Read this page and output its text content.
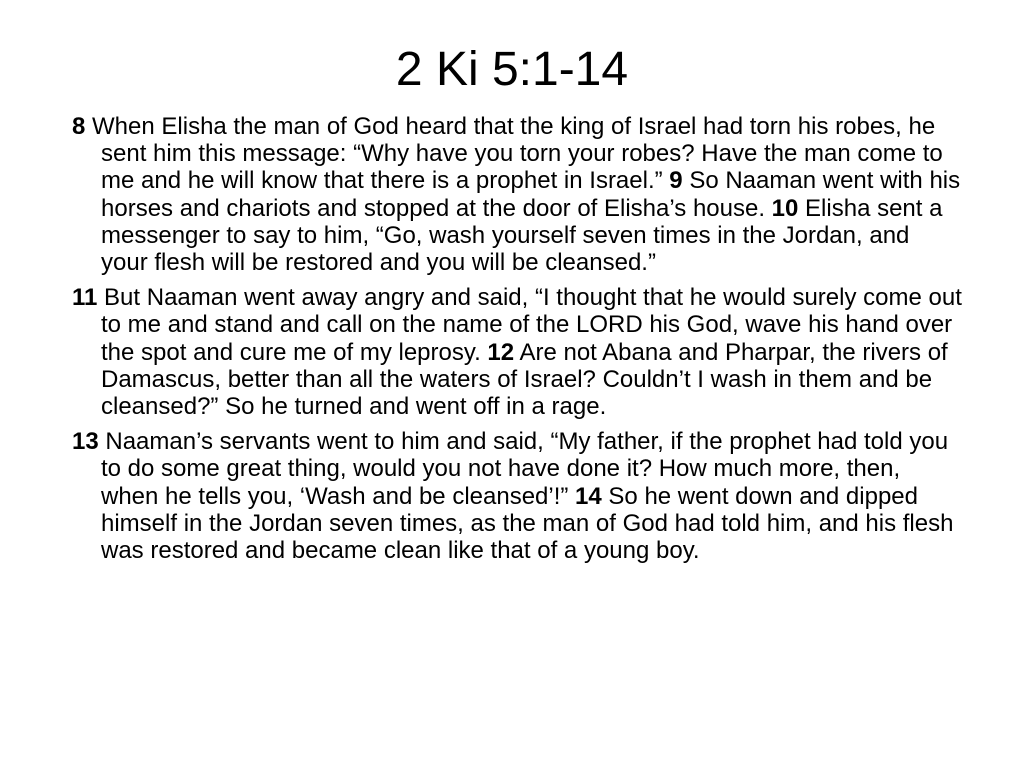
2 Ki 5:1-14

8 When Elisha the man of God heard that the king of Israel had torn his robes, he sent him this message: “Why have you torn your robes? Have the man come to me and he will know that there is a prophet in Israel.” 9 So Naaman went with his horses and chariots and stopped at the door of Elisha’s house. 10 Elisha sent a messenger to say to him, “Go, wash yourself seven times in the Jordan, and your flesh will be restored and you will be cleansed.”

11 But Naaman went away angry and said, “I thought that he would surely come out to me and stand and call on the name of the LORD his God, wave his hand over the spot and cure me of my leprosy. 12 Are not Abana and Pharpar, the rivers of Damascus, better than all the waters of Israel? Couldn’t I wash in them and be cleansed?” So he turned and went off in a rage.

13 Naaman’s servants went to him and said, “My father, if the prophet had told you to do some great thing, would you not have done it? How much more, then, when he tells you, ‘Wash and be cleansed’!” 14 So he went down and dipped himself in the Jordan seven times, as the man of God had told him, and his flesh was restored and became clean like that of a young boy.
